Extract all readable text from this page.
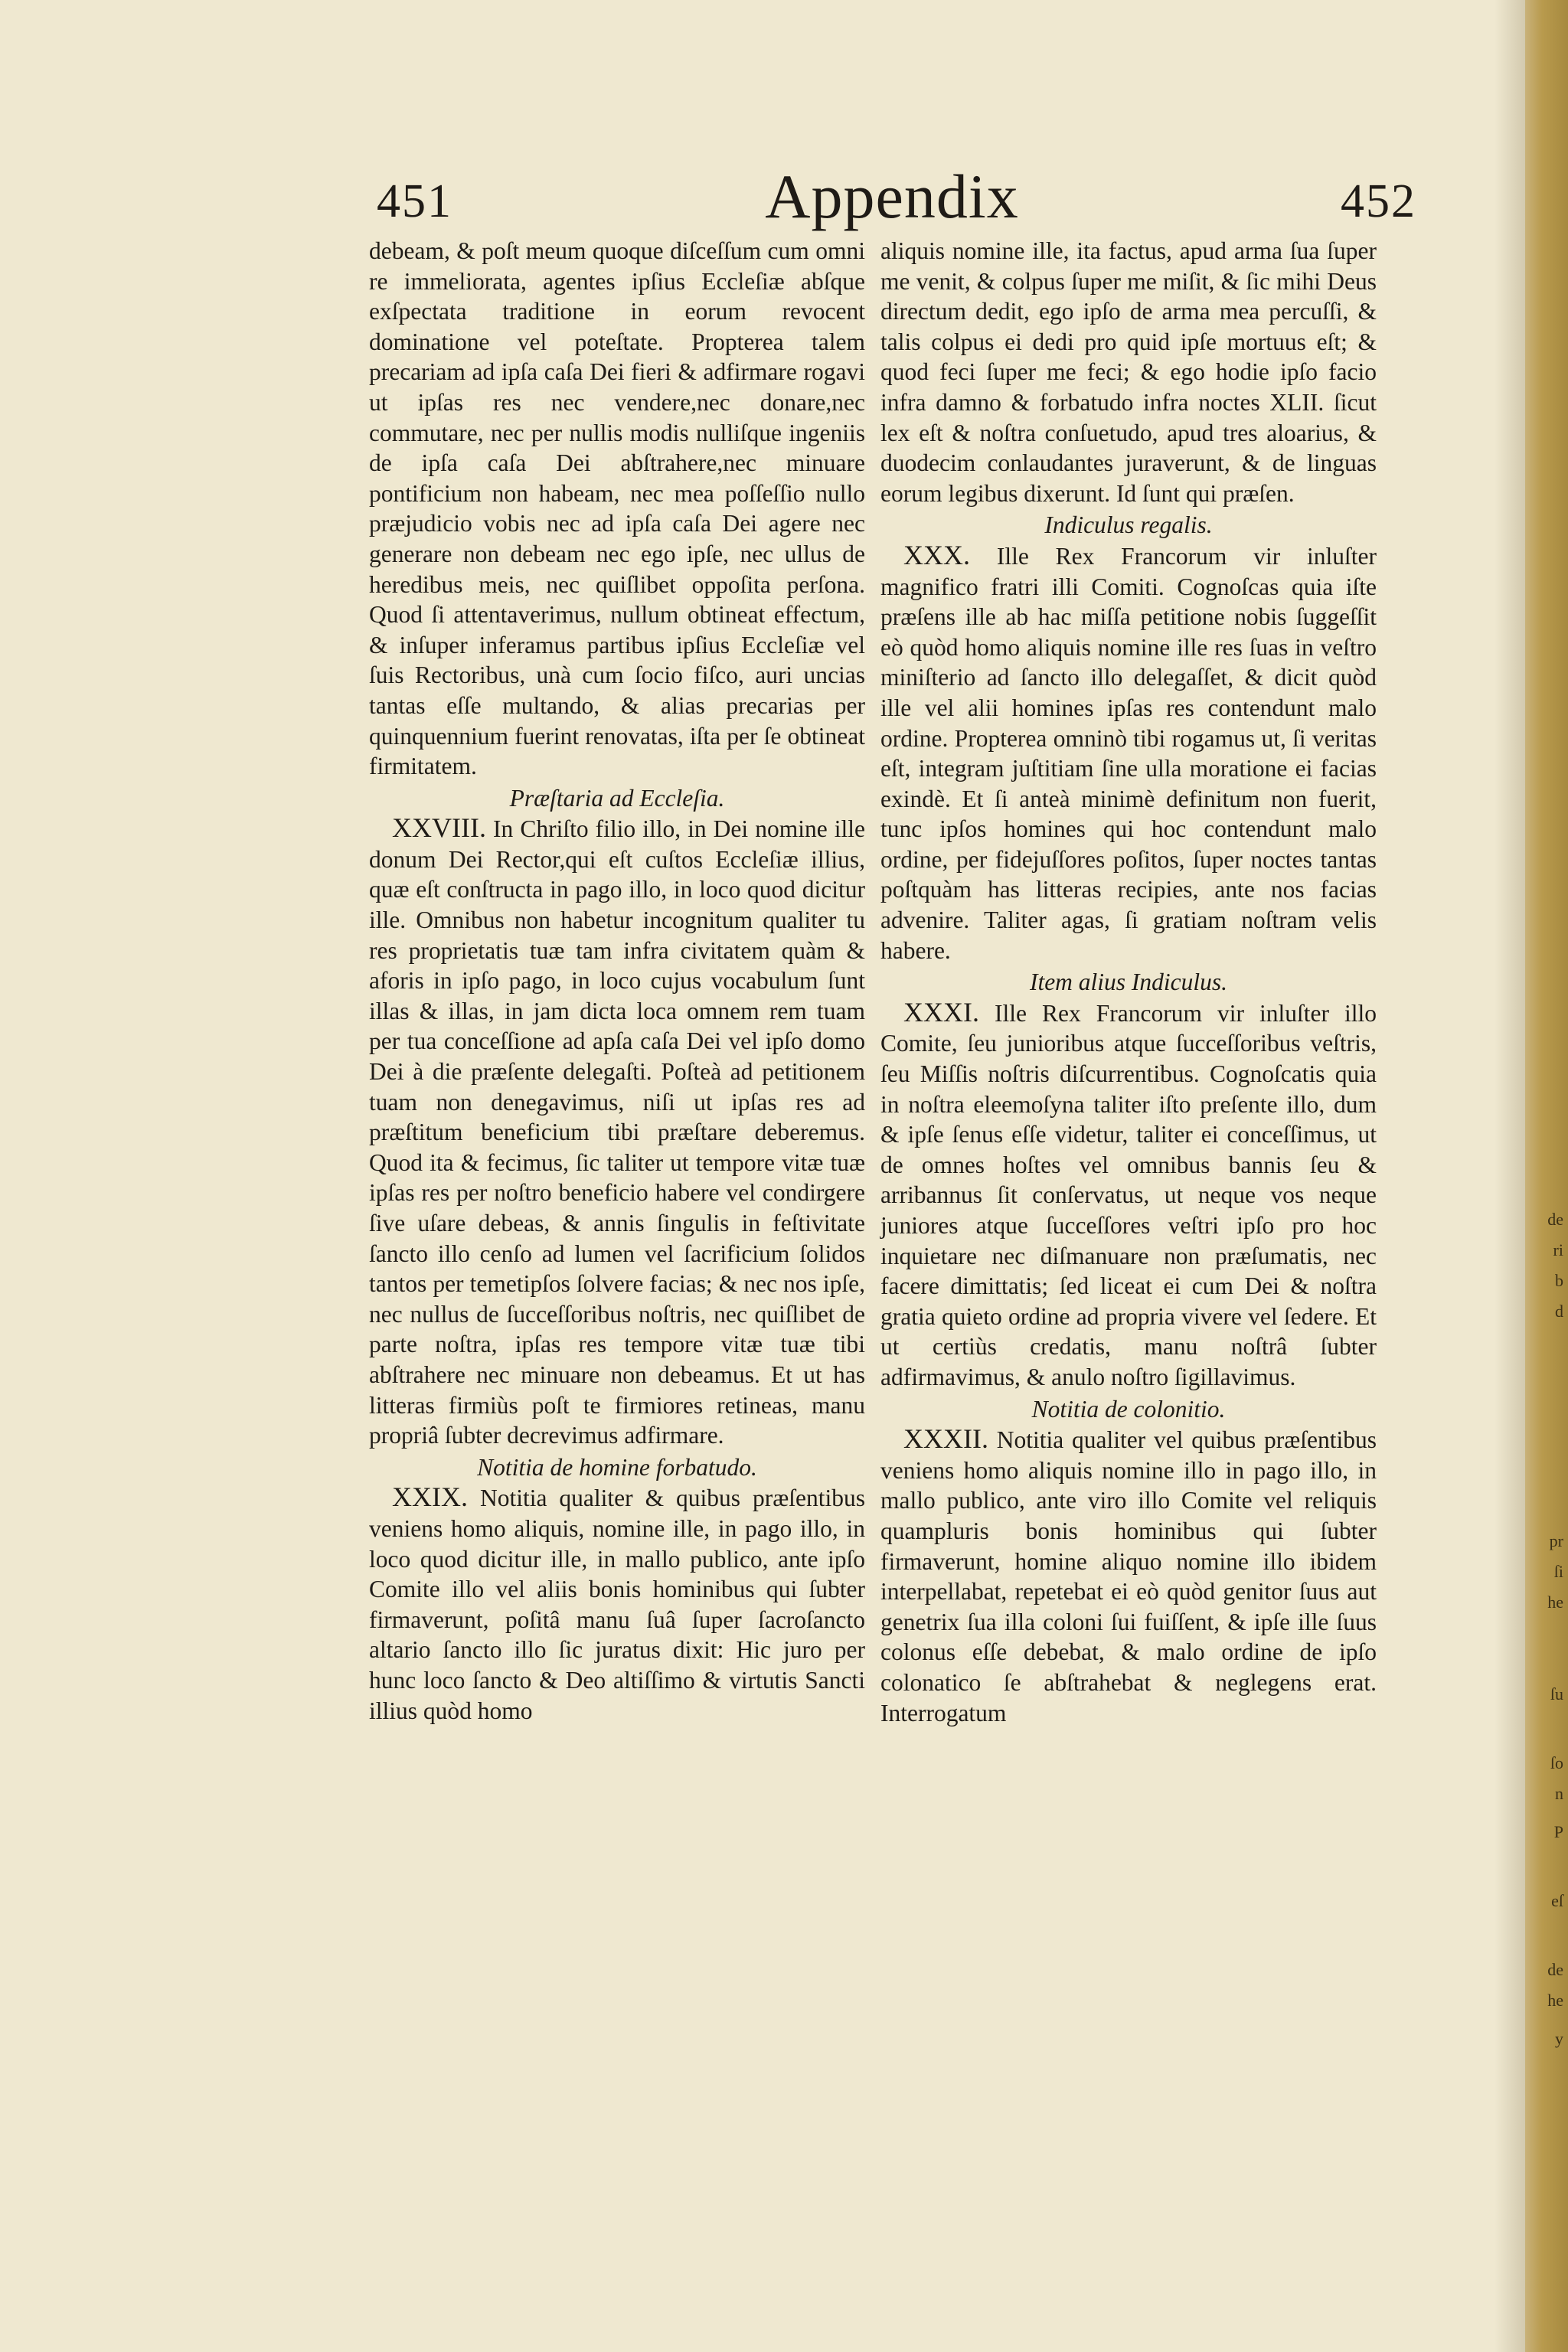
451	Appendix	452

debeam, & poſt meum quoque diſceſſum cum omni re immeliorata, agentes ipſius Eccleſiæ abſque exſpectata traditione in eorum revocent dominatione vel poteſtate. Propterea talem precariam ad ipſa caſa Dei fieri & adfirmare rogavi ut ipſas res nec vendere,nec donare,nec commutare, nec per nullis modis nulliſque ingeniis de ipſa caſa Dei abſtrahere,nec minuare pontificium non habeam, nec mea poſſeſſio nullo præjudicio vobis nec ad ipſa caſa Dei agere nec generare non debeam nec ego ipſe, nec ullus de heredibus meis, nec quiſlibet oppoſita perſona. Quod ſi attentaverimus, nullum obtineat effectum, & inſuper inferamus partibus ipſius Eccleſiæ vel ſuis Rectoribus, unà cum ſocio fiſco, auri uncias tantas eſſe multando, & alias precarias per quinquennium fuerint renovatas, iſta per ſe obtineat firmitatem.

Præſtaria ad Eccleſia.

XXVIII. In Chriſto filio illo, in Dei nomine ille donum Dei Rector,qui eſt cuſtos Eccleſiæ illius, quæ eſt conſtructa in pago illo, in loco quod dicitur ille. Omnibus non habetur incognitum qualiter tu res proprietatis tuæ tam infra civitatem quàm & aforis in ipſo pago, in loco cujus vocabulum ſunt illas & illas, in jam dicta loca omnem rem tuam per tua conceſſione ad apſa caſa Dei vel ipſo domo Dei à die præſente delegaſti. Poſteà ad petitionem tuam non denegavimus, niſi ut ipſas res ad præſtitum beneficium tibi præſtare deberemus. Quod ita & fecimus, ſic taliter ut tempore vitæ tuæ ipſas res per noſtro beneficio habere vel condirgere ſive uſare debeas, & annis ſingulis in feſtivitate ſancto illo cenſo ad lumen vel ſacrificium ſolidos tantos per temetipſos ſolvere facias; & nec nos ipſe, nec nullus de ſucceſſoribus noſtris, nec quiſlibet de parte noſtra, ipſas res tempore vitæ tuæ tibi abſtrahere nec minuare non debeamus. Et ut has litteras firmiùs poſt te firmiores retineas, manu propriâ ſubter decrevimus adfirmare.

Notitia de homine forbatudo.

XXIX. Notitia qualiter & quibus præſentibus veniens homo aliquis, nomine ille, in pago illo, in loco quod dicitur ille, in mallo publico, ante ipſo Comite illo vel aliis bonis hominibus qui ſubter firmaverunt, poſitâ manu ſuâ ſuper ſacroſancto altario ſancto illo ſic juratus dixit: Hic juro per hunc loco ſancto & Deo altiſſimo & virtutis Sancti illius quòd homo

aliquis nomine ille, ita factus, apud arma ſua ſuper me venit, & colpus ſuper me miſit, & ſic mihi Deus directum dedit, ego ipſo de arma mea percuſſi, & talis colpus ei dedi pro quid ipſe mortuus eſt; & quod feci ſuper me feci; & ego hodie ipſo facio infra damno & forbatudo infra noctes XLII. ſicut lex eſt & noſtra conſuetudo, apud tres aloarius, & duodecim conlaudantes juraverunt, & de linguas eorum legibus dixerunt. Id ſunt qui præſen.

Indiculus regalis.

XXX. Ille Rex Francorum vir inluſter magnifico fratri illi Comiti. Cognoſcas quia iſte præſens ille ab hac miſſa petitione nobis ſuggeſſit eò quòd homo aliquis nomine ille res ſuas in veſtro miniſterio ad ſancto illo delegaſſet, & dicit quòd ille vel alii homines ipſas res contendunt malo ordine. Propterea omninò tibi rogamus ut, ſi veritas eſt, integram juſtitiam ſine ulla moratione ei facias exindè. Et ſi anteà minimè definitum non fuerit, tunc ipſos homines qui hoc contendunt malo ordine, per fidejuſſores poſitos, ſuper noctes tantas poſtquàm has litteras recipies, ante nos facias advenire. Taliter agas, ſi gratiam noſtram velis habere.

Item alius Indiculus.

XXXI. Ille Rex Francorum vir inluſter illo Comite, ſeu junioribus atque ſucceſſoribus veſtris, ſeu Miſſis noſtris diſcurrentibus. Cognoſcatis quia in noſtra eleemoſyna taliter iſto preſente illo, dum & ipſe ſenus eſſe videtur, taliter ei conceſſimus, ut de omnes hoſtes vel omnibus bannis ſeu & arribannus ſit conſervatus, ut neque vos neque juniores atque ſucceſſores veſtri ipſo pro hoc inquietare nec diſmanuare non præſumatis, nec facere dimittatis; ſed liceat ei cum Dei & noſtra gratia quieto ordine ad propria vivere vel ſedere. Et ut certiùs credatis, manu noſtrâ ſubter adfirmavimus, & anulo noſtro ſigillavimus.

Notitia de colonitio.

XXXII. Notitia qualiter vel quibus præſentibus veniens homo aliquis nomine illo in pago illo, in mallo publico, ante viro illo Comite vel reliquis quampluris bonis hominibus qui ſubter firmaverunt, homine aliquo nomine illo ibidem interpellabat, repetebat ei eò quòd genitor ſuus aut genetrix ſua illa coloni ſui fuiſſent, & ipſe ille ſuus colonus eſſe debebat, & malo ordine de ipſo colonatico ſe abſtrahebat & neglegens erat. Interrogatum

pr
ſi
he
ſu
ſo
n
P
eſ
de
he
y
de
ri
b
d
